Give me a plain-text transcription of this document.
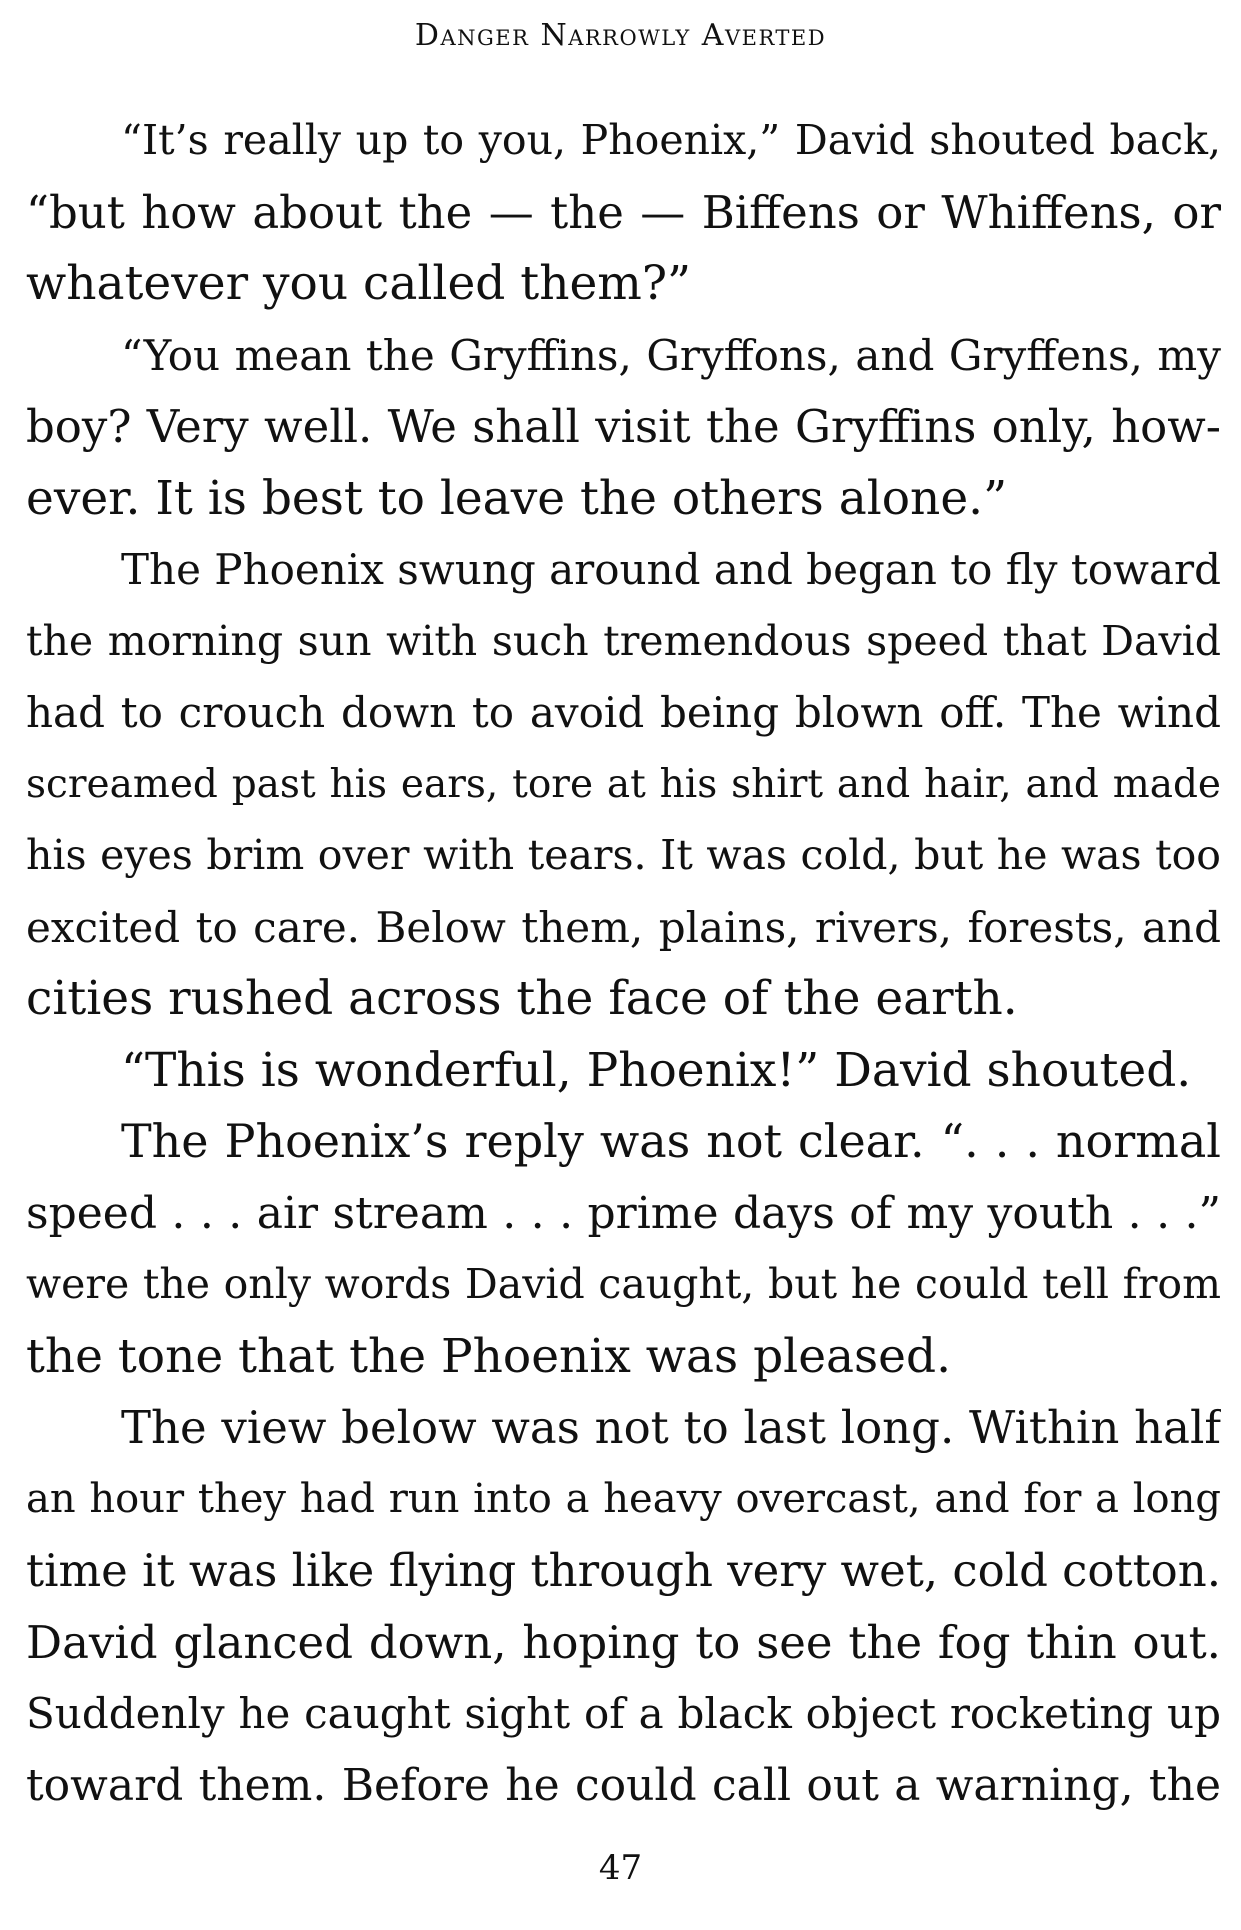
Danger Narrowly Averted
“It’s really up to you, Phoenix,” David shouted back,
“but how about the — the — Biffens or Whiffens, or
whatever you called them?”
“You mean the Gryffins, Gryffons, and Gryffens, my
boy? Very well. We shall visit the Gryffins only, how-
ever. It is best to leave the others alone.”
The Phoenix swung around and began to fly toward
the morning sun with such tremendous speed that David
had to crouch down to avoid being blown off. The wind
screamed past his ears, tore at his shirt and hair, and made
his eyes brim over with tears. It was cold, but he was too
excited to care. Below them, plains, rivers, forests, and
cities rushed across the face of the earth.
“This is wonderful, Phoenix!” David shouted.
The Phoenix’s reply was not clear. “. . . normal
speed . . . air stream . . . prime days of my youth . . .”
were the only words David caught, but he could tell from
the tone that the Phoenix was pleased.
The view below was not to last long. Within half
an hour they had run into a heavy overcast, and for a long
time it was like flying through very wet, cold cotton.
David glanced down, hoping to see the fog thin out.
Suddenly he caught sight of a black object rocketing up
toward them. Before he could call out a warning, the
47
